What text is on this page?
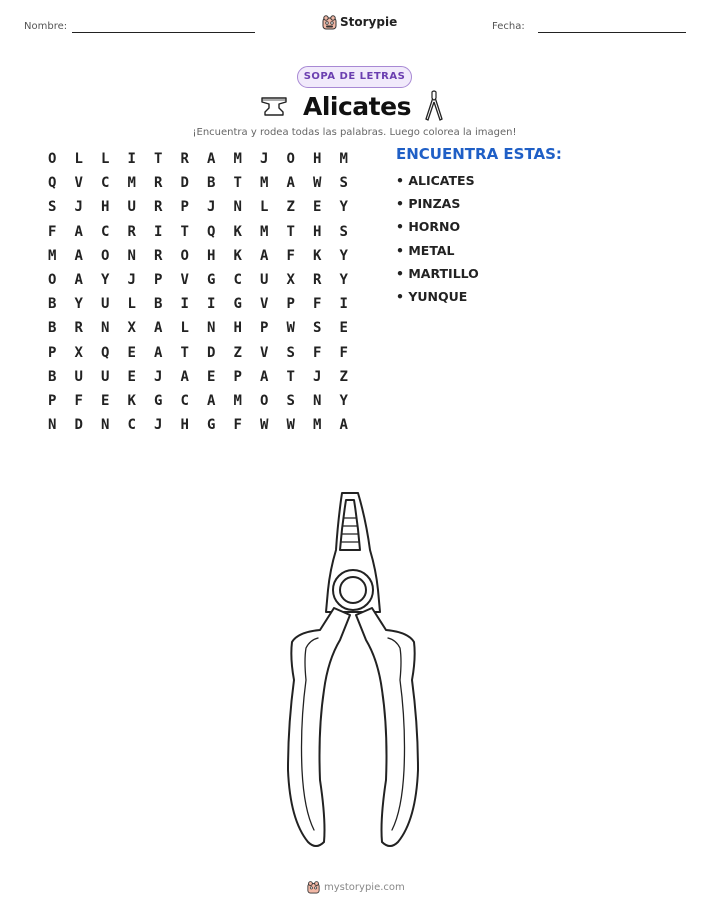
Nombre:	Storypie	Fecha:
SOPA DE LETRAS
Alicates
¡Encuentra y rodea todas las palabras. Luego colorea la imagen!
O	L	L	I	T	R	A	M	J	O	H	M
Q	V	C	M	R	D	B	T	M	A	W	S
S	J	H	U	R	P	J	N	L	Z	E	Y
F	A	C	R	I	T	Q	K	M	T	H	S
M	A	O	N	R	O	H	K	A	F	K	Y
O	A	Y	J	P	V	G	C	U	X	R	Y
B	Y	U	L	B	I	I	G	V	P	F	I
B	R	N	X	A	L	N	H	P	W	S	E
P	X	Q	E	A	T	D	Z	V	S	F	F
B	U	U	E	J	A	E	P	A	T	J	Z
P	F	E	K	G	C	A	M	O	S	N	Y
N	D	N	C	J	H	G	F	W	W	M	A
ENCUENTRA ESTAS:
• ALICATES
• PINZAS
• HORNO
• METAL
• MARTILLO
• YUNQUE
mystorypie.com
